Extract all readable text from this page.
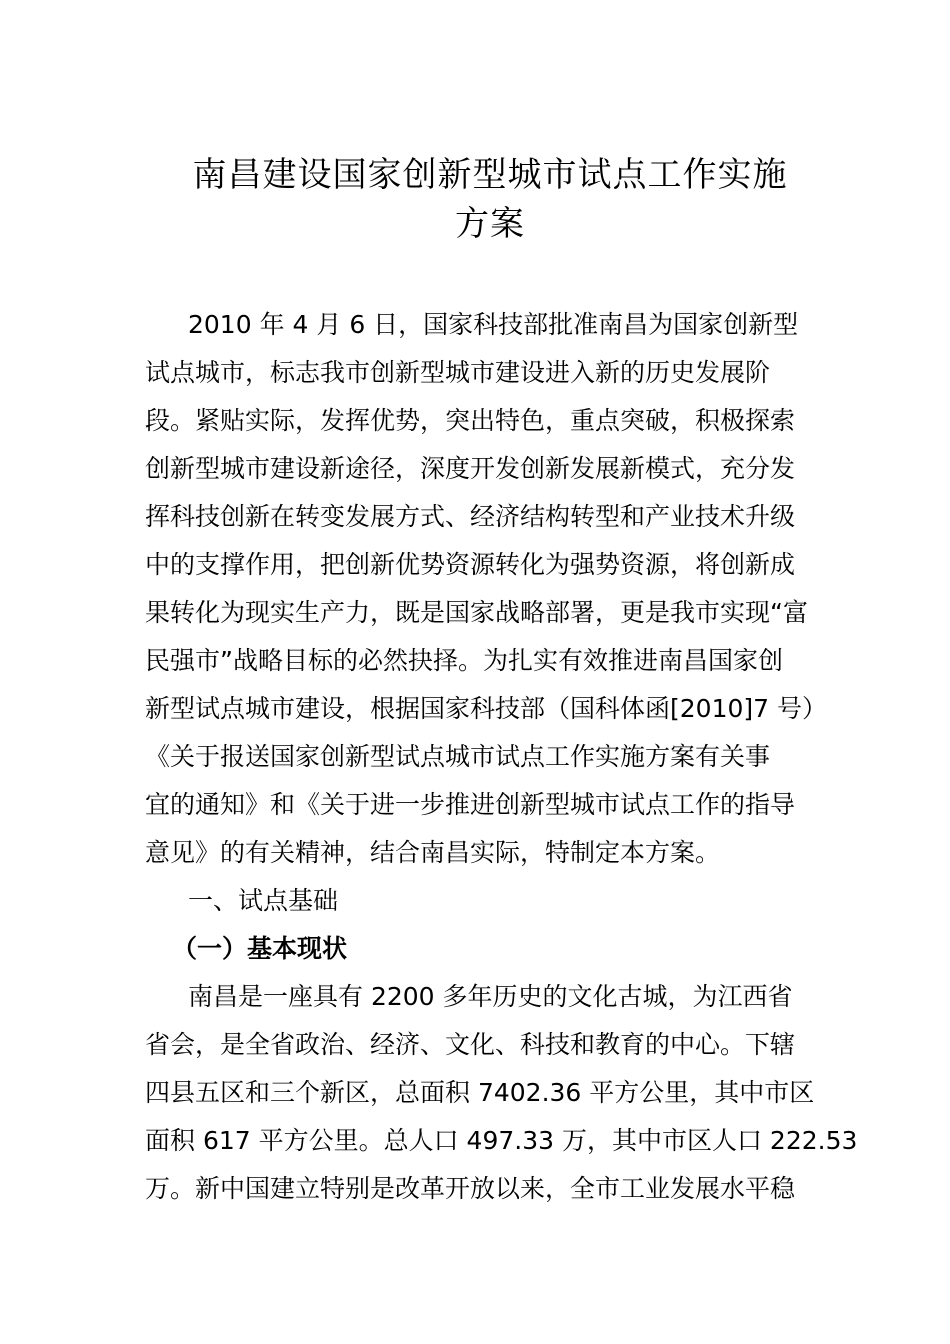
南昌建设国家创新型城市试点工作实施
方案
2010 年 4 月 6 日，国家科技部批准南昌为国家创新型
试点城市，标志我市创新型城市建设进入新的历史发展阶
段。紧贴实际，发挥优势，突出特色，重点突破，积极探索
创新型城市建设新途径，深度开发创新发展新模式，充分发
挥科技创新在转变发展方式、经济结构转型和产业技术升级
中的支撑作用，把创新优势资源转化为强势资源，将创新成
果转化为现实生产力，既是国家战略部署，更是我市实现“富
民强市”战略目标的必然抉择。为扎实有效推进南昌国家创
新型试点城市建设，根据国家科技部（国科体函[2010]7 号）
《关于报送国家创新型试点城市试点工作实施方案有关事
宜的通知》和《关于进一步推进创新型城市试点工作的指导
意见》的有关精神，结合南昌实际，特制定本方案。
一、试点基础
（一）基本现状
南昌是一座具有 2200 多年历史的文化古城，为江西省
省会，是全省政治、经济、文化、科技和教育的中心。下辖
四县五区和三个新区，总面积 7402.36 平方公里，其中市区
面积 617 平方公里。总人口 497.33 万，其中市区人口 222.53
万。新中国建立特别是改革开放以来，全市工业发展水平稳
